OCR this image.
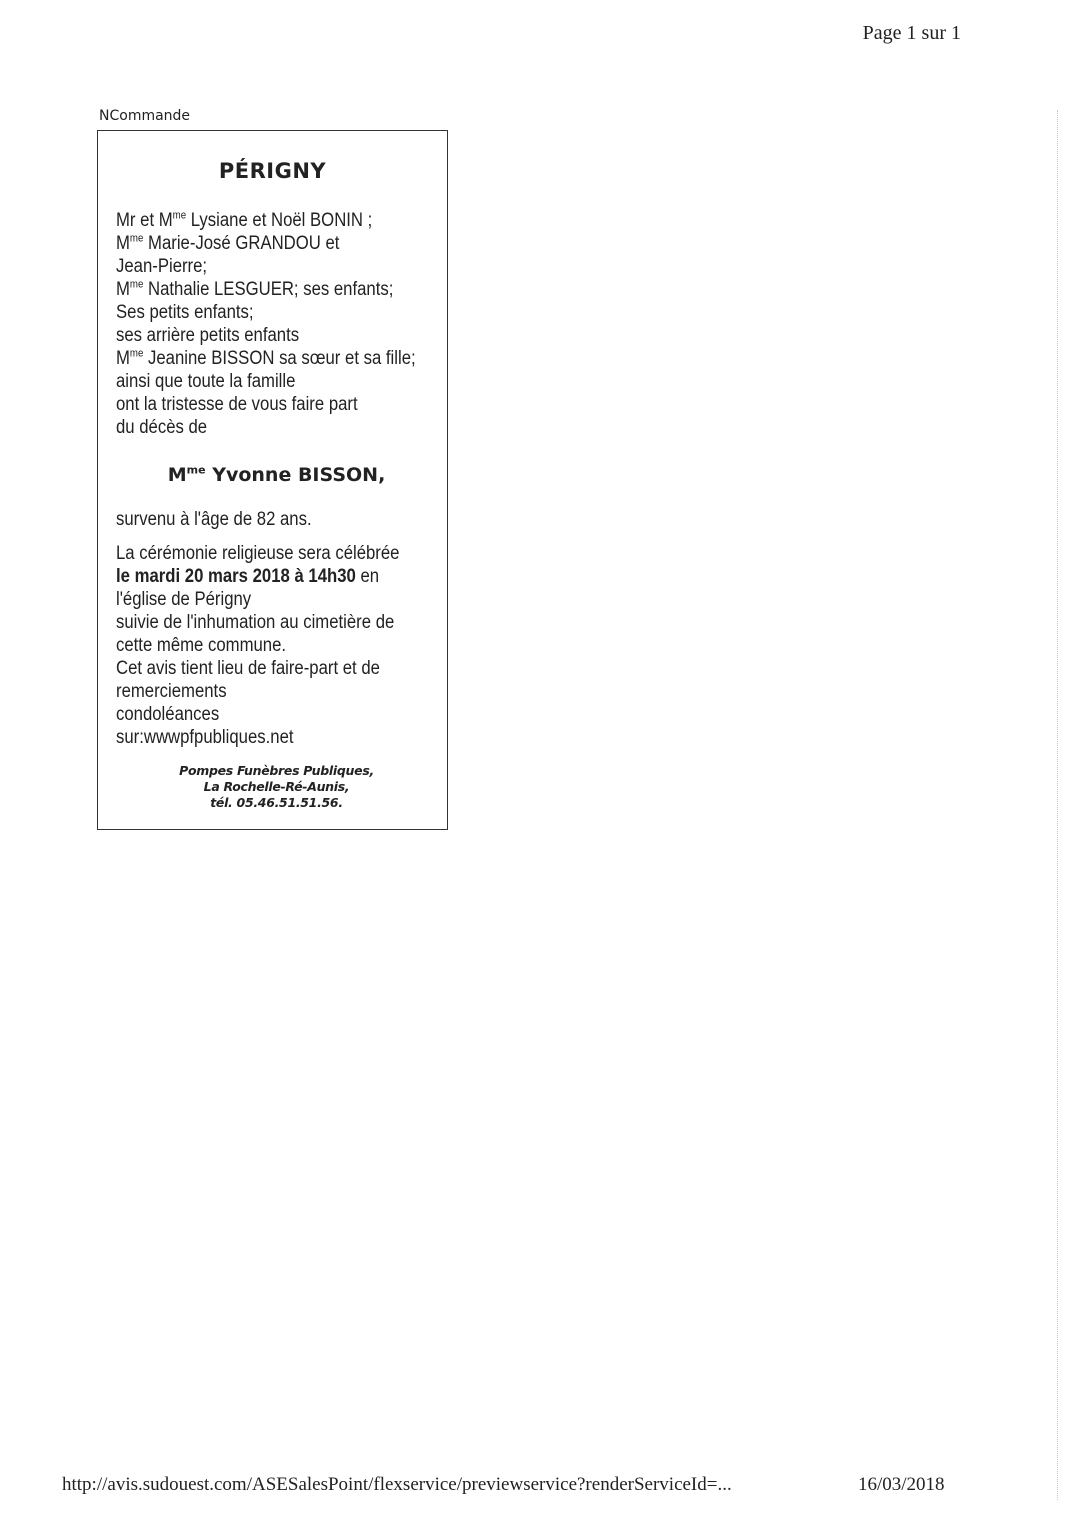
Page 1 sur 1
NCommande
PÉRIGNY
Mr et $M^{me}$ Lysiane et Noël BONIN ;
$M^{me}$ Marie-José GRANDOU et
Jean-Pierre;
$M^{me}$ Nathalie LESGUER; ses enfants;
Ses petits enfants;
ses arrière petits enfants
$M^{me}$ Jeanine BISSON sa sœur et sa fille;
ainsi que toute la famille
ont la tristesse de vous faire part
du décès de
$M^{me}$ Yvonne BISSON,
survenu à l'âge de 82 ans.
La cérémonie religieuse sera célébrée
le mardi 20 mars 2018 à 14h30 en
l'église de Périgny
suivie de l'inhumation au cimetière de
cette même commune.
Cet avis tient lieu de faire-part et de
remerciements
condoléances
sur:wwwpfpubliques.net
Pompes Funèbres Publiques,
La Rochelle-Ré-Aunis,
tél. 05.46.51.51.56.
http://avis.sudouest.com/ASESalesPoint/flexservice/previewservice?renderServiceId=...	16/03/2018
